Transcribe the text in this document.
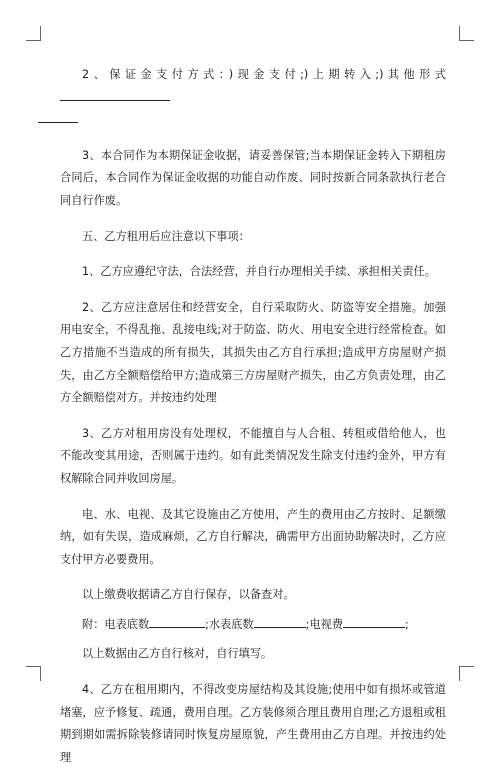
2、保证金支付方式：)现金支付;)上期转入;)其他形式

3、本合同作为本期保证金收据，请妥善保管;当本期保证金转入下期租房合同后，本合同作为保证金收据的功能自动作废、同时按新合同条款执行老合同自行作废。

五、乙方租用后应注意以下事项：

1、乙方应遵纪守法，合法经营，并自行办理相关手续、承担相关责任。

2、乙方应注意居住和经营安全，自行采取防火、防盗等安全措施。加强用电安全，不得乱拖、乱接电线;对于防盗、防火、用电安全进行经常检查。如乙方措施不当造成的所有损失，其损失由乙方自行承担;造成甲方房屋财产损失，由乙方全额赔偿给甲方;造成第三方房屋财产损失，由乙方负责处理，由乙方全额赔偿对方。并按违约处理

3、乙方对租用房没有处理权，不能擅自与人合租、转租或借给他人，也不能改变其用途，否则属于违约。如有此类情况发生除支付违约金外，甲方有权解除合同并收回房屋。

电、水、电视、及其它设施由乙方使用，产生的费用由乙方按时、足额缴纳，如有失误，造成麻烦，乙方自行解决，确需甲方出面协助解决时，乙方应支付甲方必要费用。

以上缴费收据请乙方自行保存，以备查对。

附：电表底数	;水表底数	;电视费	;

以上数据由乙方自行核对，自行填写。

4、乙方在租用期内，不得改变房屋结构及其设施;使用中如有损坏或管道堵塞，应予修复、疏通，费用自理。乙方装修须合理且费用自理;乙方退租或租期到期如需拆除装修请同时恢复房屋原貌，产生费用由乙方自理。并按违约处理
